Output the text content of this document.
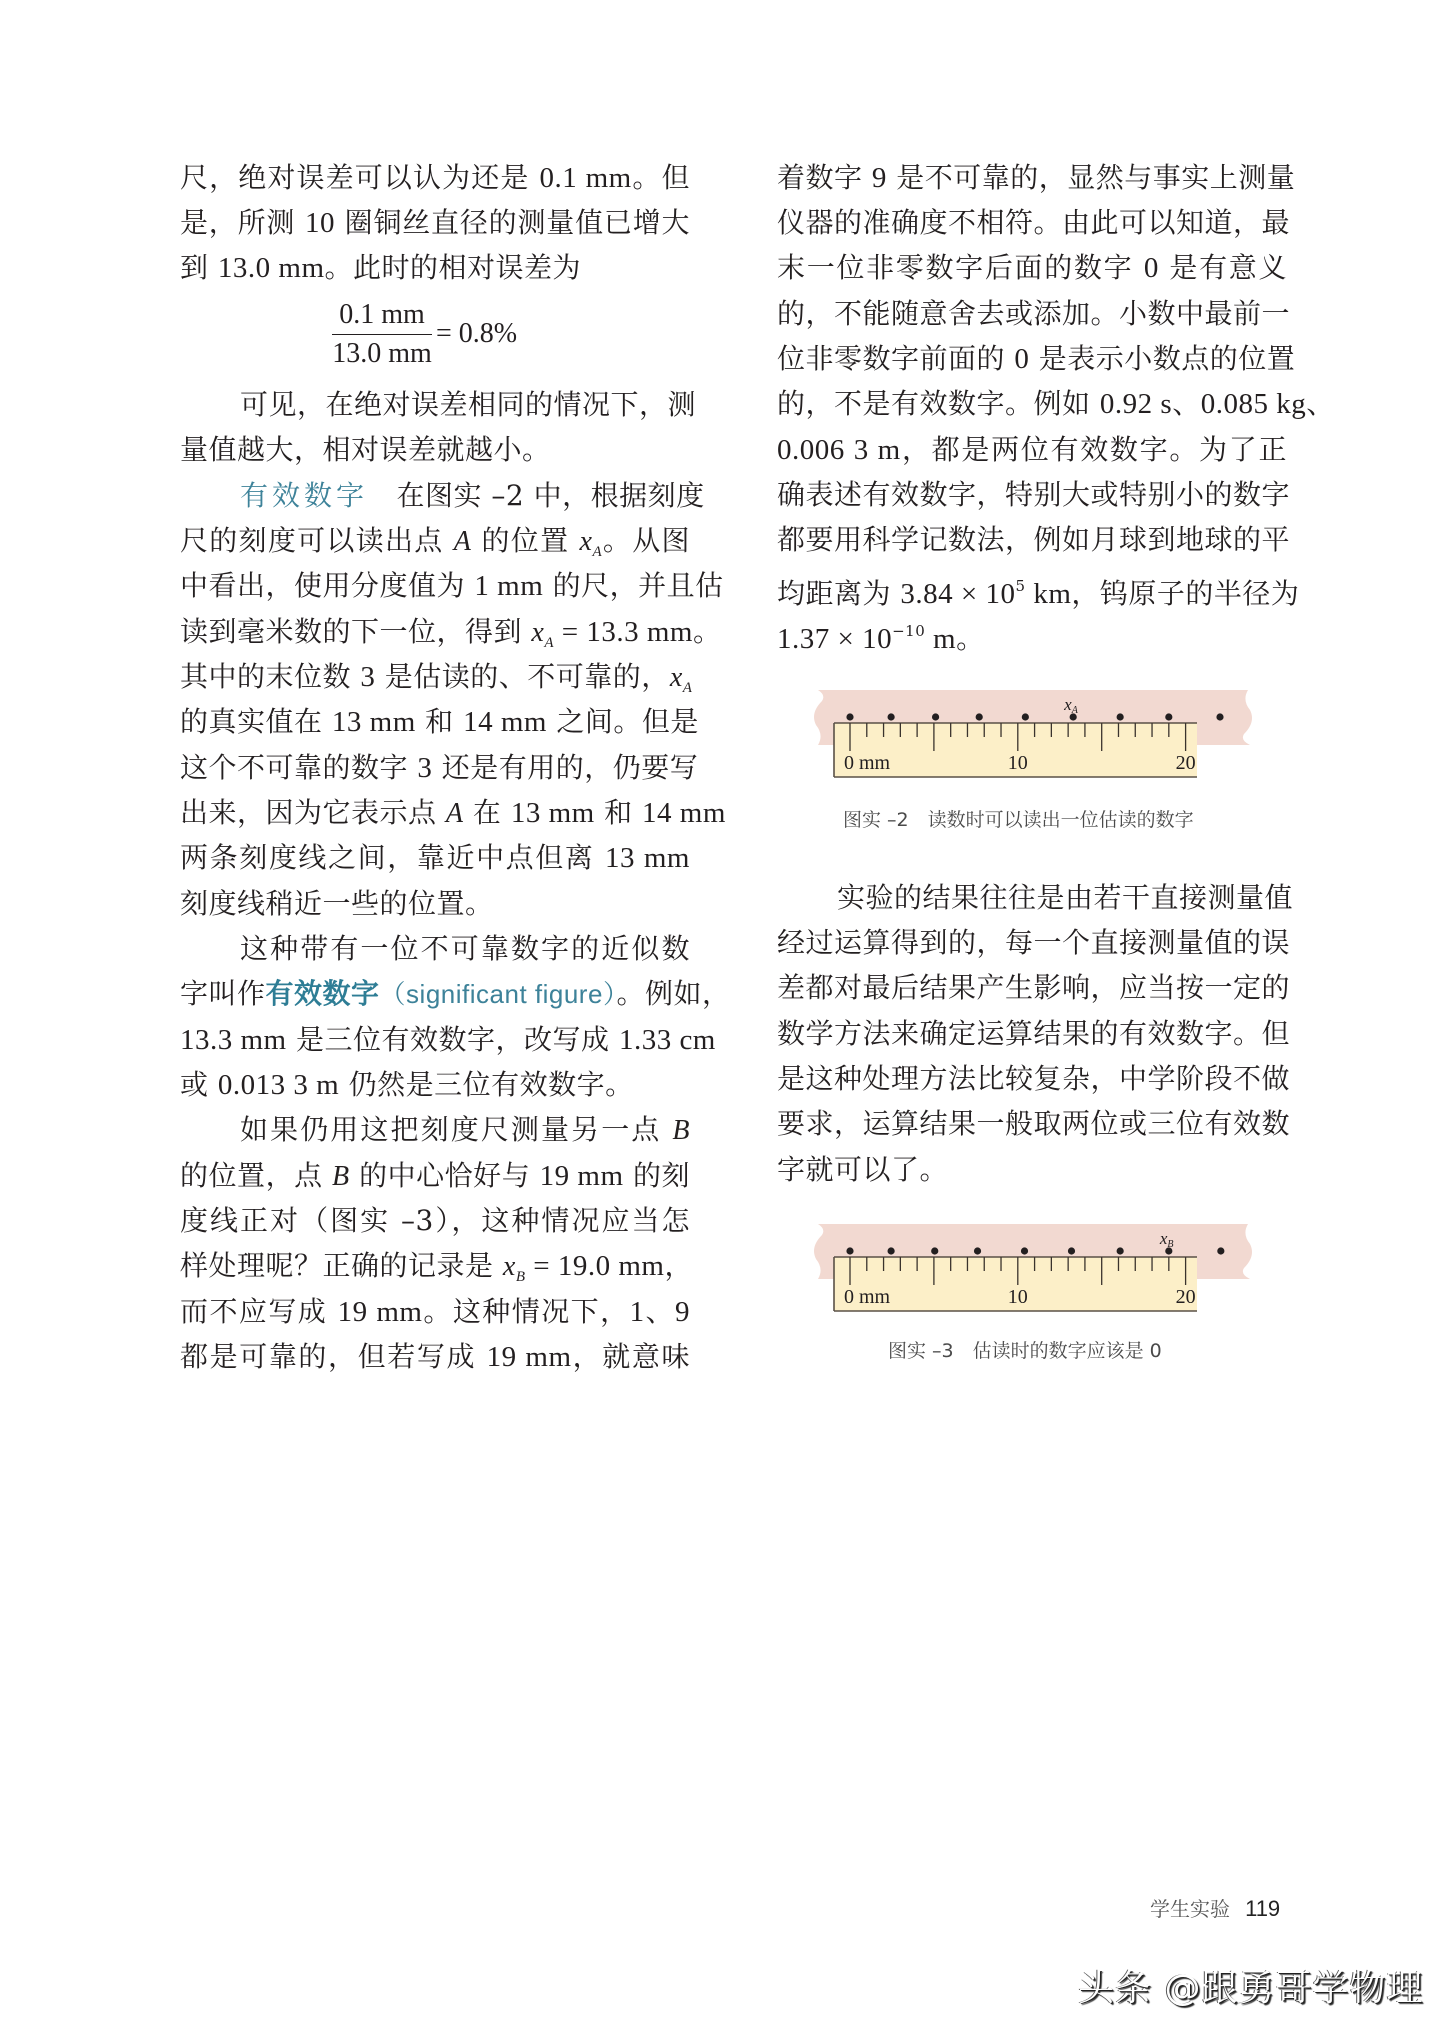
0.1 mm
13.0 mm
= 0.8%
尺，绝对误差可以认为还是 0.1 mm。但
是，所测 10 圈铜丝直径的测量值已增大
到 13.0 mm。此时的相对误差为
可见，在绝对误差相同的情况下，测
量值越大，相对误差就越小。
有效数字　在图实 –2 中，根据刻度
尺的刻度可以读出点 A 的位置 $x_A$。从图
中看出，使用分度值为 1 mm 的尺，并且估
读到毫米数的下一位，得到 $x_A = 13.3$ mm。
其中的末位数 3 是估读的、不可靠的，$x_A$
的真实值在 13 mm 和 14 mm 之间。但是
这个不可靠的数字 3 还是有用的，仍要写
出来，因为它表示点 A 在 13 mm 和 14 mm
两条刻度线之间，靠近中点但离 13 mm
刻度线稍近一些的位置。
这种带有一位不可靠数字的近似数
字叫作有效数字（significant figure）。例如，
13.3 mm 是三位有效数字，改写成 1.33 cm
或 0.013 3 m 仍然是三位有效数字。
如果仍用这把刻度尺测量另一点 B
的位置，点 B 的中心恰好与 19 mm 的刻
度线正对（图实 –3），这种情况应当怎
样处理呢？正确的记录是 $x_B = 19.0$ mm，
而不应写成 19 mm。这种情况下，1、9
都是可靠的，但若写成 19 mm，就意味
着数字 9 是不可靠的，显然与事实上测量
仪器的准确度不相符。由此可以知道，最
末一位非零数字后面的数字 0 是有意义
的，不能随意舍去或添加。小数中最前一
位非零数字前面的 0 是表示小数点的位置
的，不是有效数字。例如 0.92 s、0.085 kg、
0.006 3 m，都是两位有效数字。为了正
确表述有效数字，特别大或特别小的数字
都要用科学记数法，例如月球到地球的平
均距离为 $3.84 \times 10^5$ km，钨原子的半径为
$1.37 \times 10^{-10}$ m。
实验的结果往往是由若干直接测量值
经过运算得到的，每一个直接测量值的误
差都对最后结果产生影响，应当按一定的
数学方法来确定运算结果的有效数字。但
是这种处理方法比较复杂，中学阶段不做
要求，运算结果一般取两位或三位有效数
字就可以了。
0 mm	10	20
xA
图实 –2　读数时可以读出一位估读的数字
0 mm	10	20
xB
图实 –3　估读时的数字应该是 0
学生实验 119
头条 @跟勇哥学物理
